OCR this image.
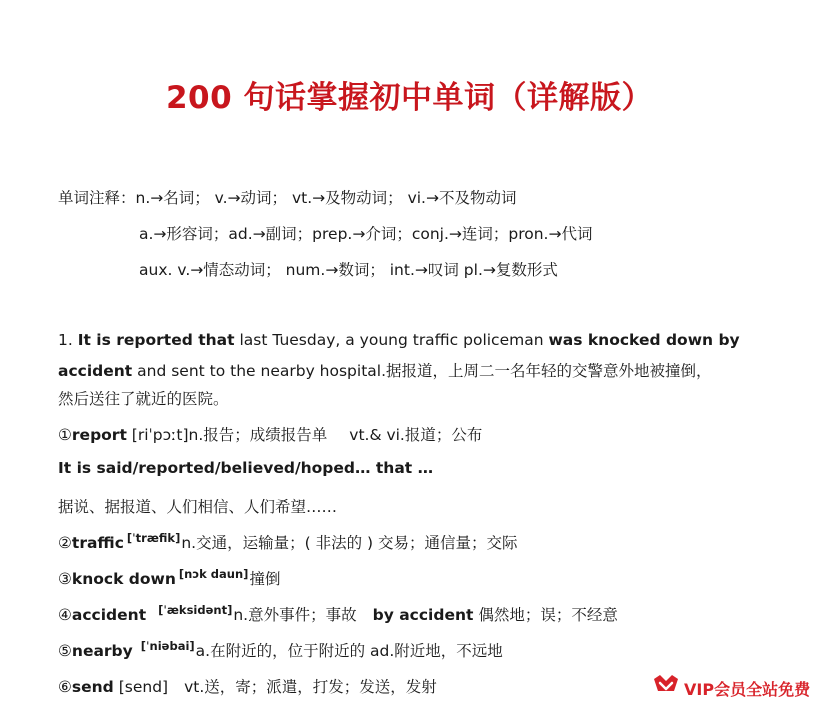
200 句话掌握初中单词（详解版）
单词注释：n.→名词； v.→动词； vt.→及物动词； vi.→不及物动词
a.→形容词；ad.→副词；prep.→介词；conj.→连词；pron.→代词
aux. v.→情态动词； num.→数词； int.→叹词 pl.→复数形式
1. It is reported that last Tuesday, a young traffic policeman was knocked down by
accident and sent to the nearby hospital.据报道，上周二一名年轻的交警意外地被撞倒，
然后送往了就近的医院。
①report [riˈpɔːt]n.报告；成绩报告单 vt.& vi.报道；公布
It is said/reported/believed/hoped… that …
据说、据报道、人们相信、人们希望……
②traffic [ˈtræfik]n.交通，运输量；( 非法的 ) 交易；通信量；交际
③knock down [nɔk daun]撞倒
④accident [ˈæksidənt]n.意外事件；事故 by accident 偶然地；误；不经意
⑤nearby [ˈniəbai]a.在附近的，位于附近的 ad.附近地，不远地
⑥send [send] vt.送，寄；派遣，打发；发送，发射	VIP会员全站免费
